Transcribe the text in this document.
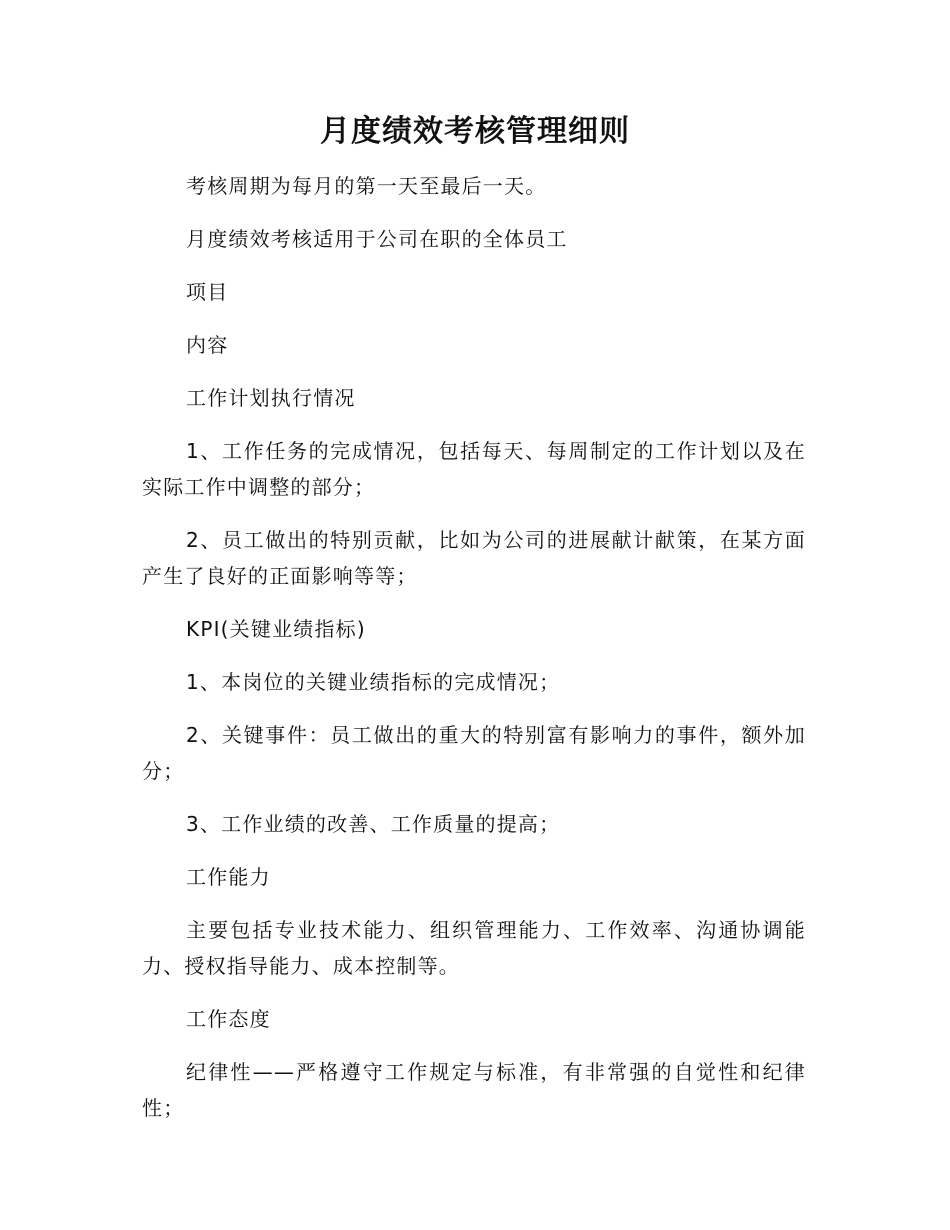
月度绩效考核管理细则

考核周期为每月的第一天至最后一天。

月度绩效考核适用于公司在职的全体员工

项目

内容

工作计划执行情况

1、工作任务的完成情况，包括每天、每周制定的工作计划以及在实际工作中调整的部分；

2、员工做出的特别贡献，比如为公司的进展献计献策，在某方面产生了良好的正面影响等等；

KPI(关键业绩指标)

1、本岗位的关键业绩指标的完成情况；

2、关键事件：员工做出的重大的特别富有影响力的事件，额外加分；

3、工作业绩的改善、工作质量的提高；

工作能力

主要包括专业技术能力、组织管理能力、工作效率、沟通协调能力、授权指导能力、成本控制等。

工作态度

纪律性——严格遵守工作规定与标准，有非常强的自觉性和纪律性；
